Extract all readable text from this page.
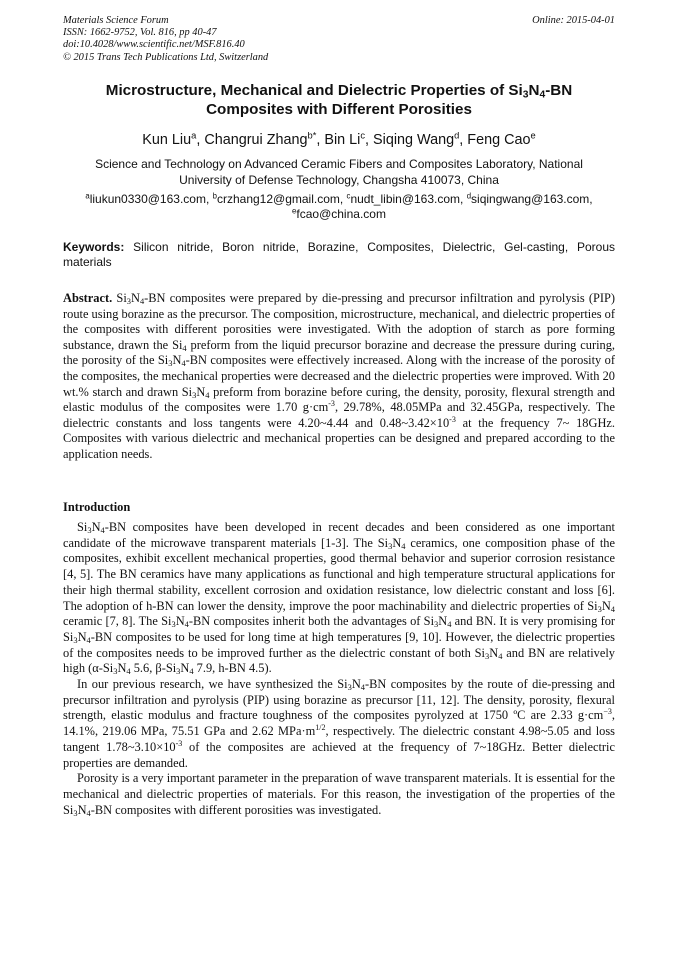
Materials Science Forum
ISSN: 1662-9752, Vol. 816, pp 40-47
doi:10.4028/www.scientific.net/MSF.816.40
© 2015 Trans Tech Publications Ltd, Switzerland
Online: 2015-04-01
Microstructure, Mechanical and Dielectric Properties of $Si_3N_4-BN$ Composites with Different Porosities
Kun Liu$^a$, Changrui Zhang$^{b*}$, Bin Li$^c$, Siqing Wang$^d$, Feng Cao$^e$
Science and Technology on Advanced Ceramic Fibers and Composites Laboratory, National
University of Defense Technology, Changsha 410073, China
$^a$liukun0330@163.com, $^b$crzhang12@gmail.com, $^c$nudt_libin@163.com, $^d$siqingwang@163.com,
$^e$fcao@china.com
Keywords: Silicon nitride, Boron nitride, Borazine, Composites, Dielectric, Gel-casting, Porous materials
Abstract. $Si_3N_4-BN$ composites were prepared by die-pressing and precursor infiltration and pyrolysis (PIP) route using borazine as the precursor. The composition, microstructure, mechanical, and dielectric properties of the composites with different porosities were investigated. With the adoption of starch as pore forming substance, drawn the $Si_4$ preform from the liquid precursor borazine and decrease the pressure during curing, the porosity of the $Si_3N_4-BN$ composites were effectively increased. Along with the increase of the porosity of the composites, the mechanical properties were decreased and the dielectric properties were improved. With 20 wt.% starch and drawn $Si_3N_4$ preform from borazine before curing, the density, porosity, flexural strength and elastic modulus of the composites were 1.70 $g\cdot cm^{-3}$, 29.78%, 48.05MPa and 32.45GPa, respectively. The dielectric constants and loss tangents were 4.20~4.44 and $0.48\sim 3.42\times 10^{-3}$ at the frequency 7~ 18GHz. Composites with various dielectric and mechanical properties can be designed and prepared according to the application needs.
Introduction

$Si_3N_4-BN$ composites have been developed in recent decades and been considered as one important candidate of the microwave transparent materials [1-3]. The $Si_3N_4$ ceramics, one composition phase of the composites, exhibit excellent mechanical properties, good thermal behavior and superior corrosion resistance [4, 5]. The BN ceramics have many applications as functional and high temperature structural applications for their high thermal stability, excellent corrosion and oxidation resistance, low dielectric constant and loss [6]. The adoption of h-BN can lower the density, improve the poor machinability and dielectric properties of $Si_3N_4$ ceramic [7, 8]. The $Si_3N_4-BN$ composites inherit both the advantages of $Si_3N_4$ and BN. It is very promising for $Si_3N_4-BN$ composites to be used for long time at high temperatures [9, 10]. However, the dielectric properties of the composites needs to be improved further as the dielectric constant of both $Si_3N_4$ and BN are relatively high ($\alpha-Si_3N_4$ 5.6, $\beta-Si_3N_4$ 7.9, h-BN 4.5).

In our previous research, we have synthesized the $Si_3N_4-BN$ composites by the route of die-pressing and precursor infiltration and pyrolysis (PIP) using borazine as precursor [11, 12]. The density, porosity, flexural strength, elastic modulus and fracture toughness of the composites pyrolyzed at 1750 ºC are 2.33 $g\cdot cm^{-3}$, 14.1%, 219.06 MPa, 75.51 GPa and 2.62 $MPa\cdot m^{1/2}$, respectively. The dielectric constant 4.98~5.05 and loss tangent $1.78\sim 3.10\times 10^{-3}$ of the composites are achieved at the frequency of 7~18GHz. Better dielectric properties are demanded.

Porosity is a very important parameter in the preparation of wave transparent materials. It is essential for the mechanical and dielectric properties of materials. For this reason, the investigation of the properties of the $Si_3N_4-BN$ composites with different porosities was investigated.
